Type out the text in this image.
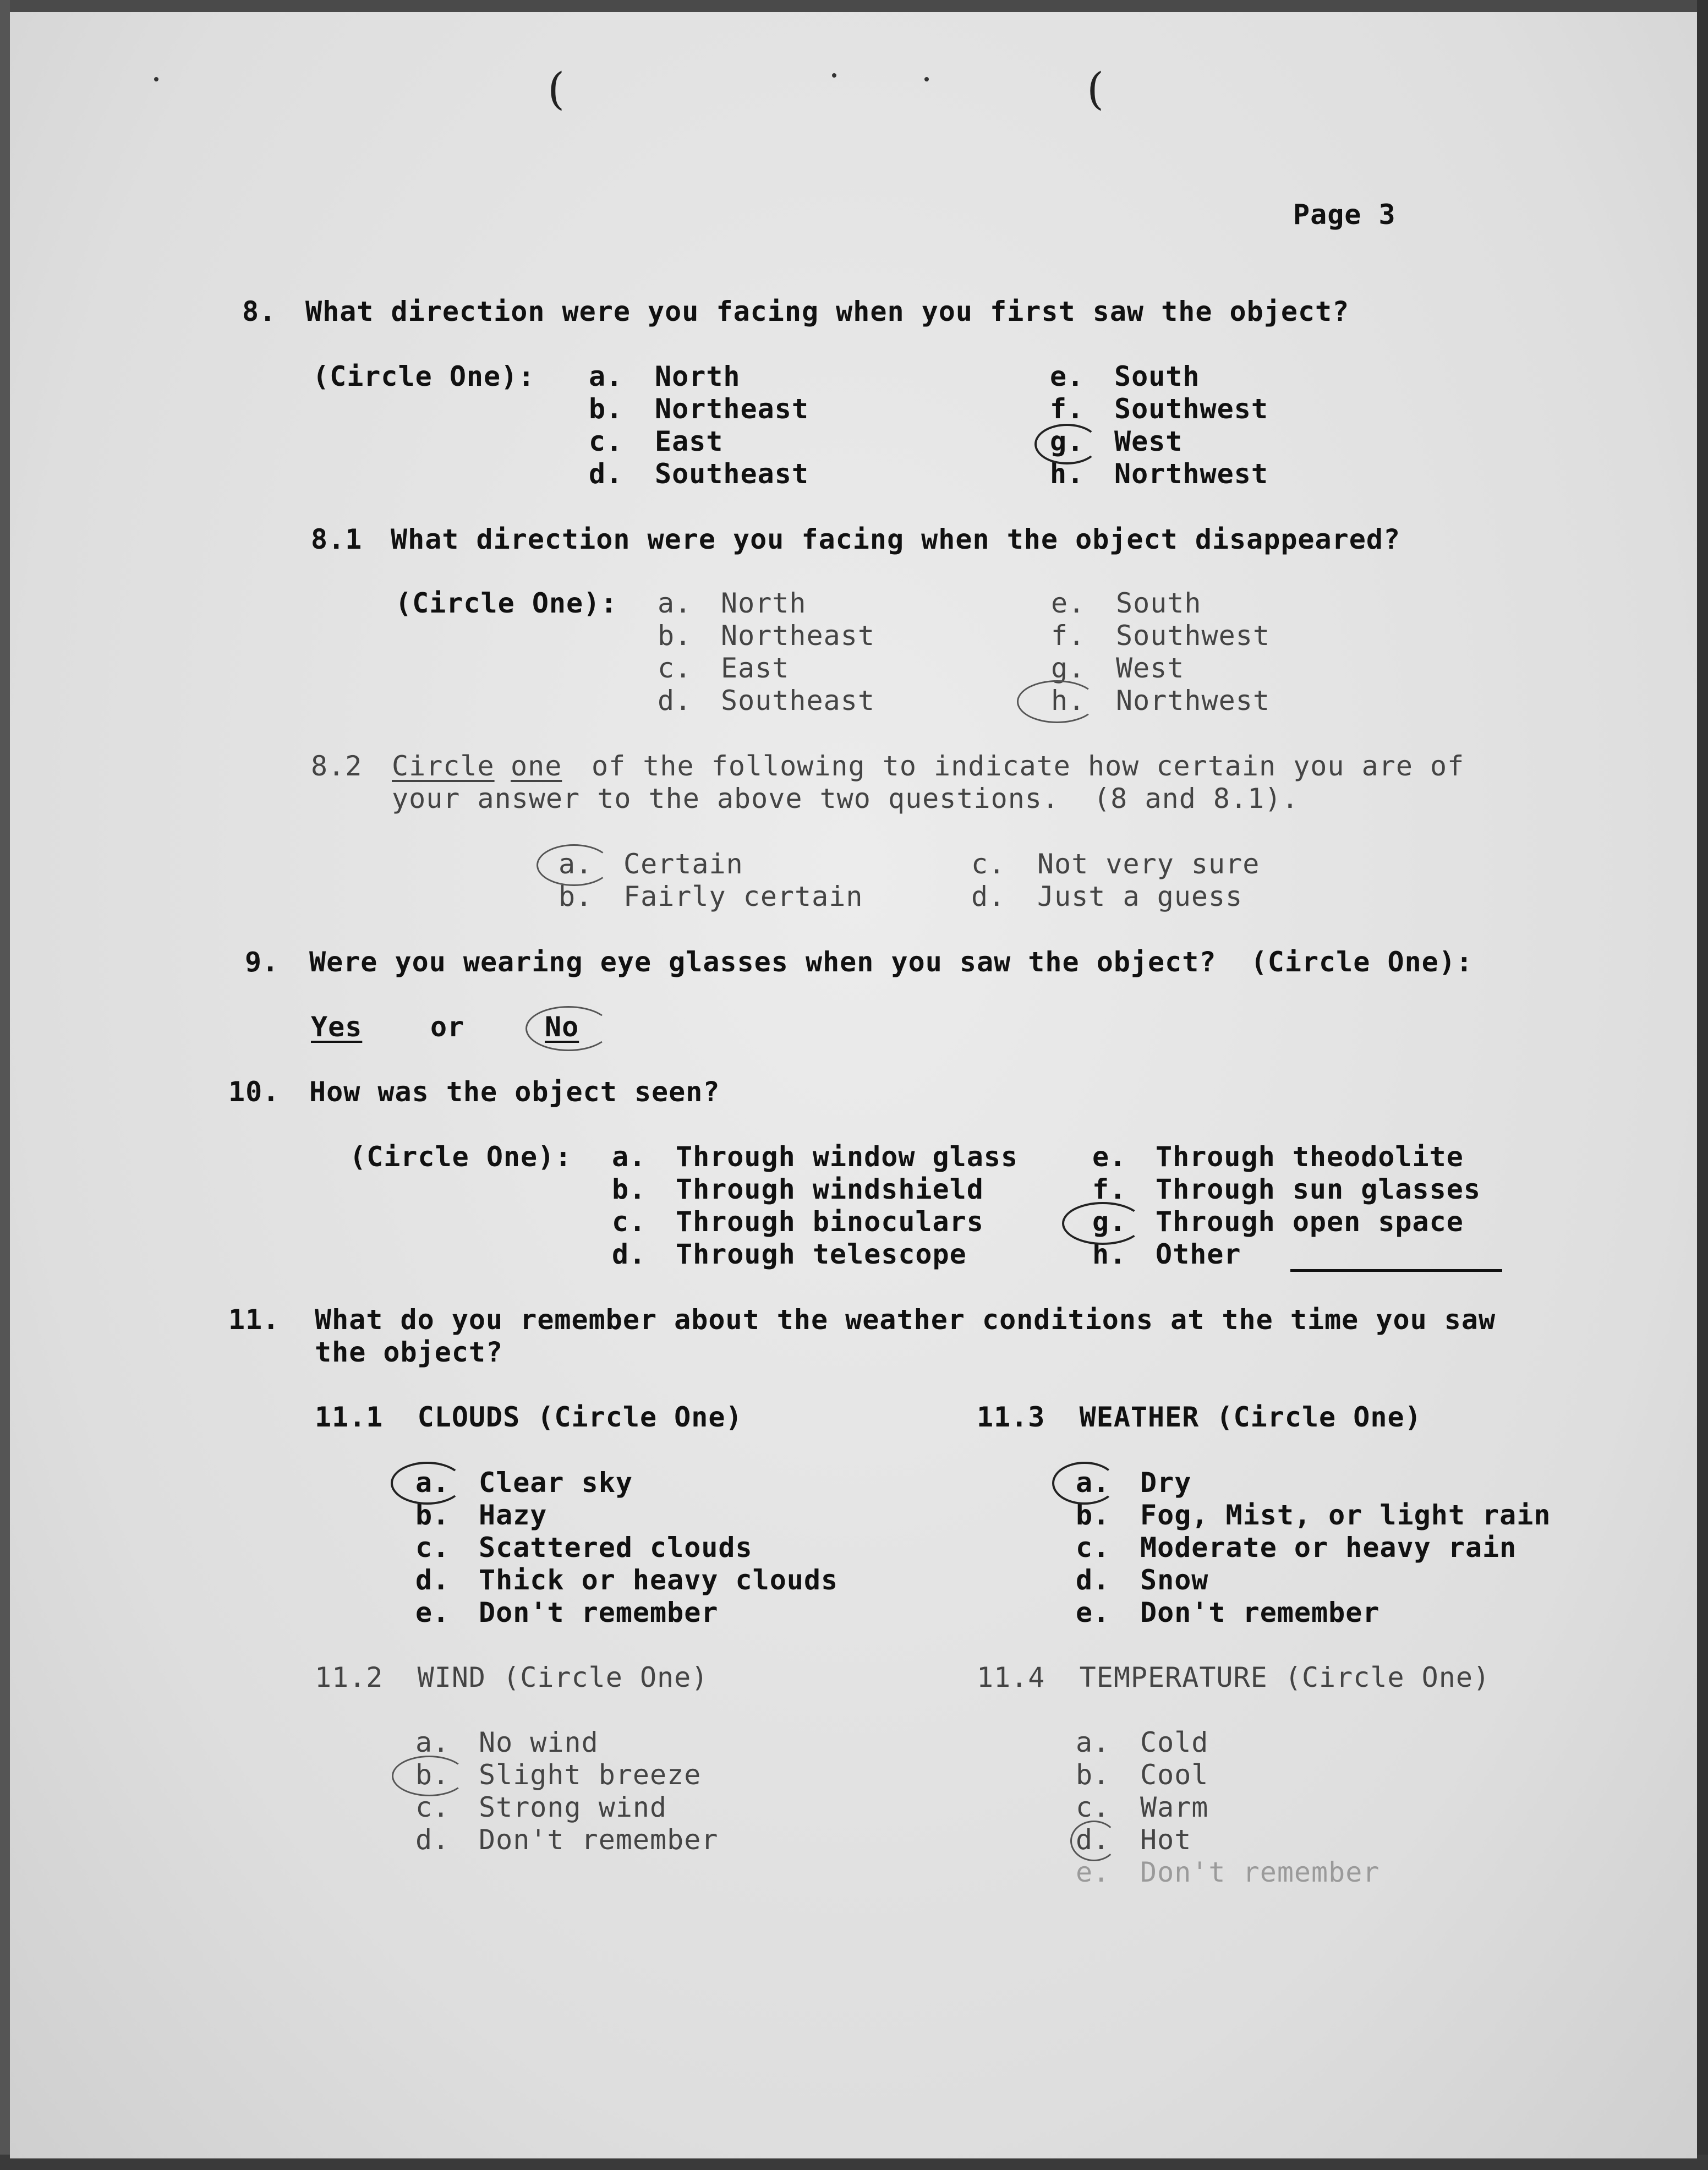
(	(
Page 3
8. What direction were you facing when you first saw the object?
(Circle One): a. North
b. Northeast
c. East
d. Southeast
e. South
f. Southwest
g. West
h. Northwest
8.1 What direction were you facing when the object disappeared?
(Circle One): a. North
b. Northeast
c. East
d. Southeast
e. South
f. Southwest
g. West
h. Northwest
8.2 Circle one of the following to indicate how certain you are of
your answer to the above two questions.  (8 and 8.1).
a. Certain
b. Fairly certain
c. Not very sure
d. Just a guess
9. Were you wearing eye glasses when you saw the object?  (Circle One):
Yes or	No
10. How was the object seen?
(Circle One): a. Through window glass
b. Through windshield
c. Through binoculars
d. Through telescope
e. Through theodolite
f. Through sun glasses
g. Through open space
h. Other
11. What do you remember about the weather conditions at the time you saw
the object?
11.1  CLOUDS (Circle One)
a. Clear sky
b. Hazy
c. Scattered clouds
d. Thick or heavy clouds
e. Don't remember
11.2  WIND (Circle One)
a. No wind
b. Slight breeze
c. Strong wind
d. Don't remember
11.3  WEATHER (Circle One)
a. Dry
b. Fog, Mist, or light rain
c. Moderate or heavy rain
d. Snow
e. Don't remember
11.4  TEMPERATURE (Circle One)
a. Cold
b. Cool
c. Warm
d. Hot
e. Don't remember
